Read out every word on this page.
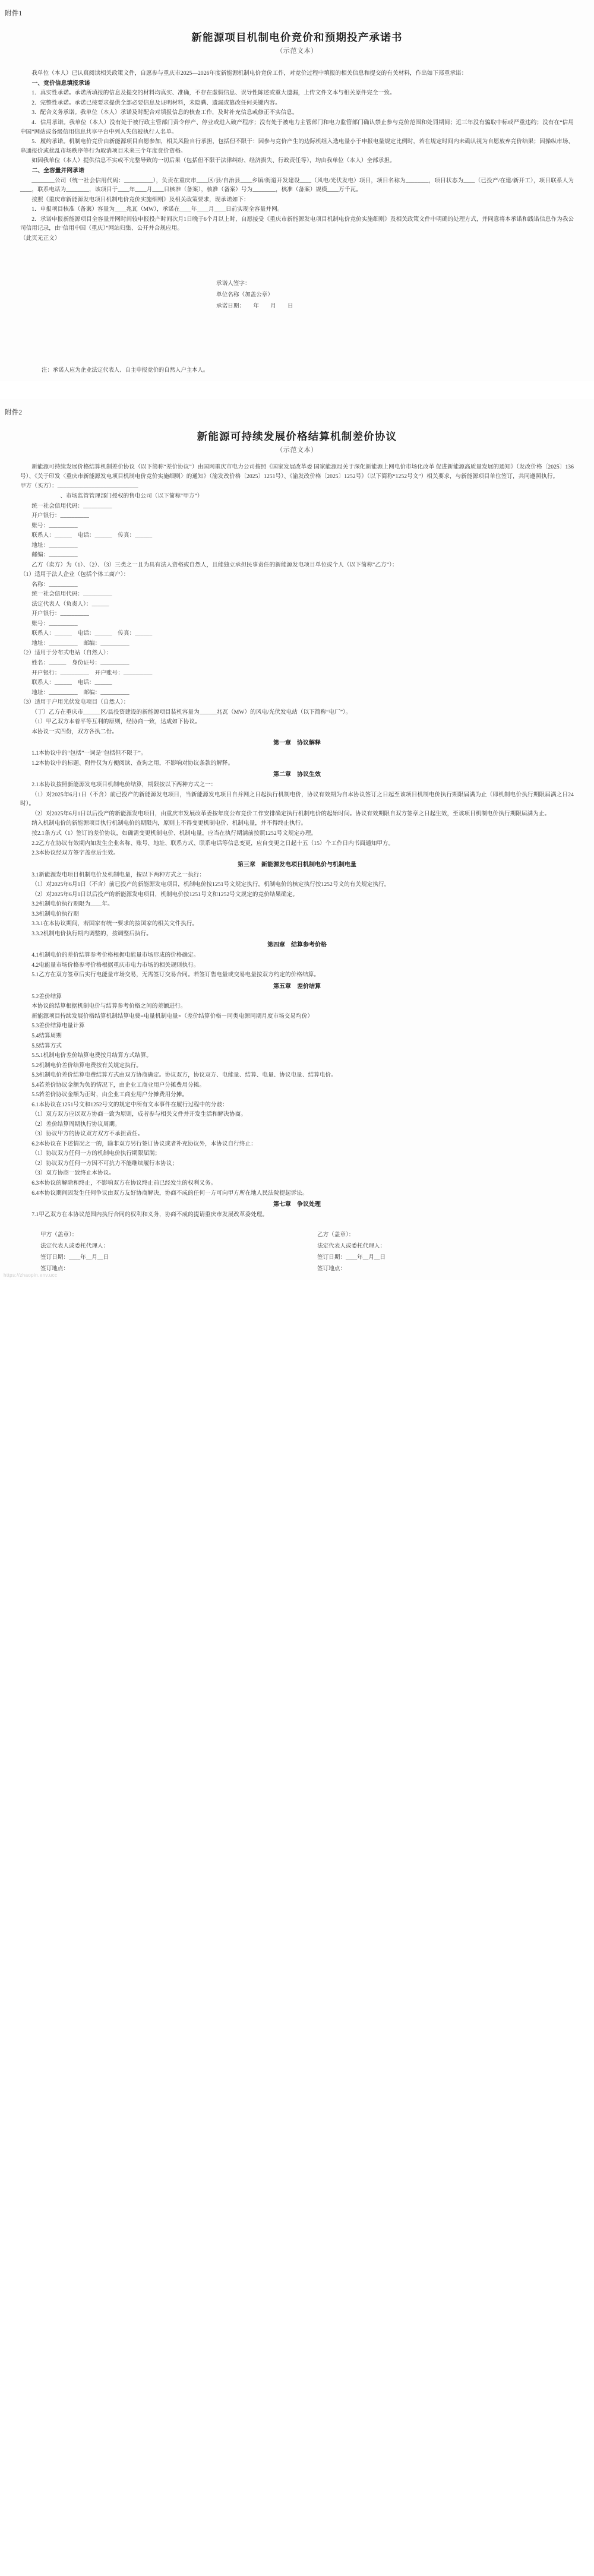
附件1
新能源项目机制电价竞价和预期投产承诺书
（示范文本）

我单位（本人）已认真阅读相关政策文件，自愿参与重庆市2025—2026年度新能源机制电价竞价工作，对竞价过程中填报的相关信息和提交的有关材料，作出如下郑重承诺：

一、竞价信息填报承诺

1．真实性承诺。承诺所填报的信息及提交的材料均真实、准确，不存在虚假信息、误导性陈述或重大遗漏，上传文件文本与相关原件完全一致。

2．完整性承诺。承诺已按要求提供全部必要信息及证明材料，未隐瞒、遗漏或篡改任何关键内容。

3．配合义务承诺。我单位（本人）承诺及时配合对填报信息的核查工作，及时补充信息或修正不实信息。

4．信用承诺。我单位（本人）没有处于被行政主管部门责令停产、停业或进入破产程序；没有处于被电力主管部门和电力监管部门确认禁止参与竞价范围和处罚期间；近三年没有骗取中标或严重违约；没有在“信用中国”网站或各级信用信息共享平台中列入失信被执行人名单。

5．履约承诺。机制电价竞价由新能源项目自愿参加，相关风险自行承担，包括但不限于：因参与竞价产生的边际机组入选电量小于申报电量规定比例时，若在规定时间内未确认视为自愿放弃竞价结果；因操纵市场、串通报价或扰乱市场秩序等行为取消项目未来三个年度竞价资格。

如因我单位（本人）提供信息不实或不完整导致的一切后果（包括但不限于法律纠纷、经济损失、行政责任等），均由我单位（本人）全部承担。

二、全容量并网承诺

________公司（统一社会信用代码：__________），负责在重庆市____区/县/自治县____乡镇/街道开发建设____（风电/光伏发电）项目，项目名称为________，项目状态为____（已投产/在建/新开工），项目联系人为____，联系电话为________，该项目于____年____月____日核准（备案），核准（备案）号为________，核准（备案）规模____万千瓦。

按照《重庆市新能源发电项目机制电价竞价实施细则》及相关政策要求，现承诺如下：

1．申报项目核准（备案）容量为____兆瓦（MW），承诺在____年____月____日前实现全容量并网。

2．承诺申报新能源项目全容量并网时间较申报投产时间次月1日晚于6个月以上时，自愿接受《重庆市新能源发电项目机制电价竞价实施细则》及相关政策文件中明确的处理方式，并同意将本承诺和践诺信息作为我公司信用记录，由“信用中国（重庆）”网站归集、公开并合规应用。

（此页无正文）

承诺人签字：
单位名称（加盖公章）
承诺日期：　　年　　月　　日
注：承诺人应为企业法定代表人、自主申报竞价的自然人户主本人。
附件2
新能源可持续发展价格结算机制差价协议
（示范文本）

新能源可持续发展价格结算机制差价协议（以下简称“差价协议”）由国网重庆市电力公司按照《国家发展改革委 国家能源局关于深化新能源上网电价市场化改革 促进新能源高质量发展的通知》（发改价格〔2025〕136号）、《关于印发〈重庆市新能源发电项目机制电价竞价实施细则〉的通知》（渝发改价格〔2025〕1251号）、《渝发改价格〔2025〕1252号》（以下简称“1252号文”）相关要求，与新能源项目单位签订，共同遵照执行。

甲方（买方）：____________________________

　　　　　　　、市场监管管理部门授权的售电公司（以下简称“甲方”）

　　统一社会信用代码：__________

　　开户银行：__________

　　账号：__________

　　联系人：______　电话：______　传真：______

　　地址：__________

　　邮编：__________

乙方（卖方）为（1）、（2）、（3）三类之一且为具有法人资格或自然人，且能独立承担民事责任的新能源发电项目单位或个人（以下简称“乙方”）：

（1）适用于法人企业（包括个体工商户）：

　　名称：__________

　　统一社会信用代码：__________

　　法定代表人（负责人）：______

　　开户银行：__________

　　账号：__________

　　联系人：______　电话：______　传真：______

　　地址：__________　邮编：__________

（2）适用于分布式电站（自然人）：

　　姓名：______　身份证号：__________

　　开户银行：__________　开户账号：__________

　　联系人：______　电话：______

　　地址：__________　邮编：__________

（3）适用于户用光伏发电项目（自然人）：

（丁）乙方在重庆市______区/县投资建设的新能源项目装机容量为______兆瓦（MW）的风电/光伏发电站（以下简称“电厂”）。

（1）甲乙双方本着平等互利的原则，经协商一致，达成如下协议。

本协议一式四份，双方各执二份。

第一章　协议解释

1.1本协议中的“包括”一词是“包括但不限于”。

1.2本协议中的标题、附件仅为方便阅读、查询之用，不影响对协议条款的解释。

第二章　协议生效

2.1本协议按照新能源发电项目机制电价结算，期限按以下两种方式之一：

（1）对2025年6月1日（不含）前已投产的新能源发电项目，当新能源发电项目自并网之日起执行机制电价，协议有效期为自本协议签订之日起至该项目机制电价执行期限届满为止（即机制电价执行期限届满之日24时）。

（2）对2025年6月1日以后投产的新能源发电项目，由重庆市发展改革委按年度公布竞价工作安排确定执行机制电价的起始时间。协议有效期限自双方签章之日起生效，至该项目机制电价执行期限届满为止。

纳入机制电价的新能源项目执行机制电价的期限内，原则上不得变更机制电价、机制电量，并不得终止执行。

按2.1条方式（1）签订的差价协议，如确需变更机制电价、机制电量，应当在执行期满前按照1252号文规定办理。

2.2乙方在协议有效期内如发生企业名称、账号、地址、联系方式、联系电话等信息变更，应自变更之日起十五（15）个工作日内书面通知甲方。

2.3本协议经双方签字盖章后生效。

第三章　新能源发电项目机制电价与机制电量

3.1新能源发电项目机制电价及机制电量，按以下两种方式之一执行：

（1）对2025年6月1日（不含）前已投产的新能源发电项目，机制电价按1251号文规定执行，机制电价的核定执行按1252号文的有关规定执行。

（2）对2025年6月1日以后投产的新能源发电项目，机制电价按1251号文和1252号文规定的竞价结果确定。

3.2机制电价执行期限为____年。

3.3机制电价执行期

3.3.1在本协议期间，若国家有统一要求的按国家的相关文件执行。

3.3.2机制电价执行期内调整的，按调整后执行。

第四章　结算参考价格

4.1机制电价的差价结算参考价格根据电能量市场形成的价格确定。

4.2电能量市场价格参考价格根据重庆市电力市场的相关规则执行。

5.1乙方在双方签章后实行电能量市场交易，无需签订交易合同。若签订售电量或交易电量按双方约定的价格结算。

第五章　差价结算

5.2差价结算

本协议的结算根据机制电价与结算参考价格之间的差额进行。

新能源项目持续发展价格结算机制结算电费=电量机制电量×（差价结算价格－同类电源同期月度市场交易均价）

5.3差价结算电量计算

5.4结算周期

5.5结算方式

5.5.1机制电价差价结算电费按月结算方式结算。

5.2机制电价差价结算电费按有关规定执行。

5.3机制电价差价结算电费结算方式由双方协商确定。协议双方，协议双方、电能量、结算、电量、协议电量、结算电价。

5.4若差价协议金额为负的情况下，由企业工商业用户分摊费用分摊。

5.5若差价协议金额为正时，由企业工商业用户分摊费用分摊。

6.1本协议在1251号文和1252号文的规定中所有文本事件在履行过程中的分歧：

（1）双方双方应以双方协商一致为原则，成者参与相关文件并开发生活和解决协商。

（2）差价结算周期执行协议周期。

（3）协议甲方的协议双方双方不承担责任。

6.2本协议在下述情况之一的，除非双方另行签订协议或者补充协议外，本协议自行终止：

（1）协议双方任何一方的机制电价执行期限届满；

（2）协议双方任何一方因不可抗力不能继续履行本协议；

（3）双方协商一致终止本协议。

6.3本协议的解除和终止，不影响双方在协议终止前已经发生的权利义务。

6.4本协议期间因发生任何争议由双方友好协商解决，协商不成的任何一方可向甲方所在地人民法院提起诉讼。

第七章　争议处理

7.1甲乙双方在本协议范围内执行合同的权利和义务，协商不成的提请重庆市发展改革委处理。

甲方（盖章）：
法定代表人或委托代理人：
签订日期：____年__月__日
签订地点：
乙方（盖章）：
法定代表人或委托代理人：
签订日期：____年__月__日
签订地点：
https://zhaopin.env.ucc
